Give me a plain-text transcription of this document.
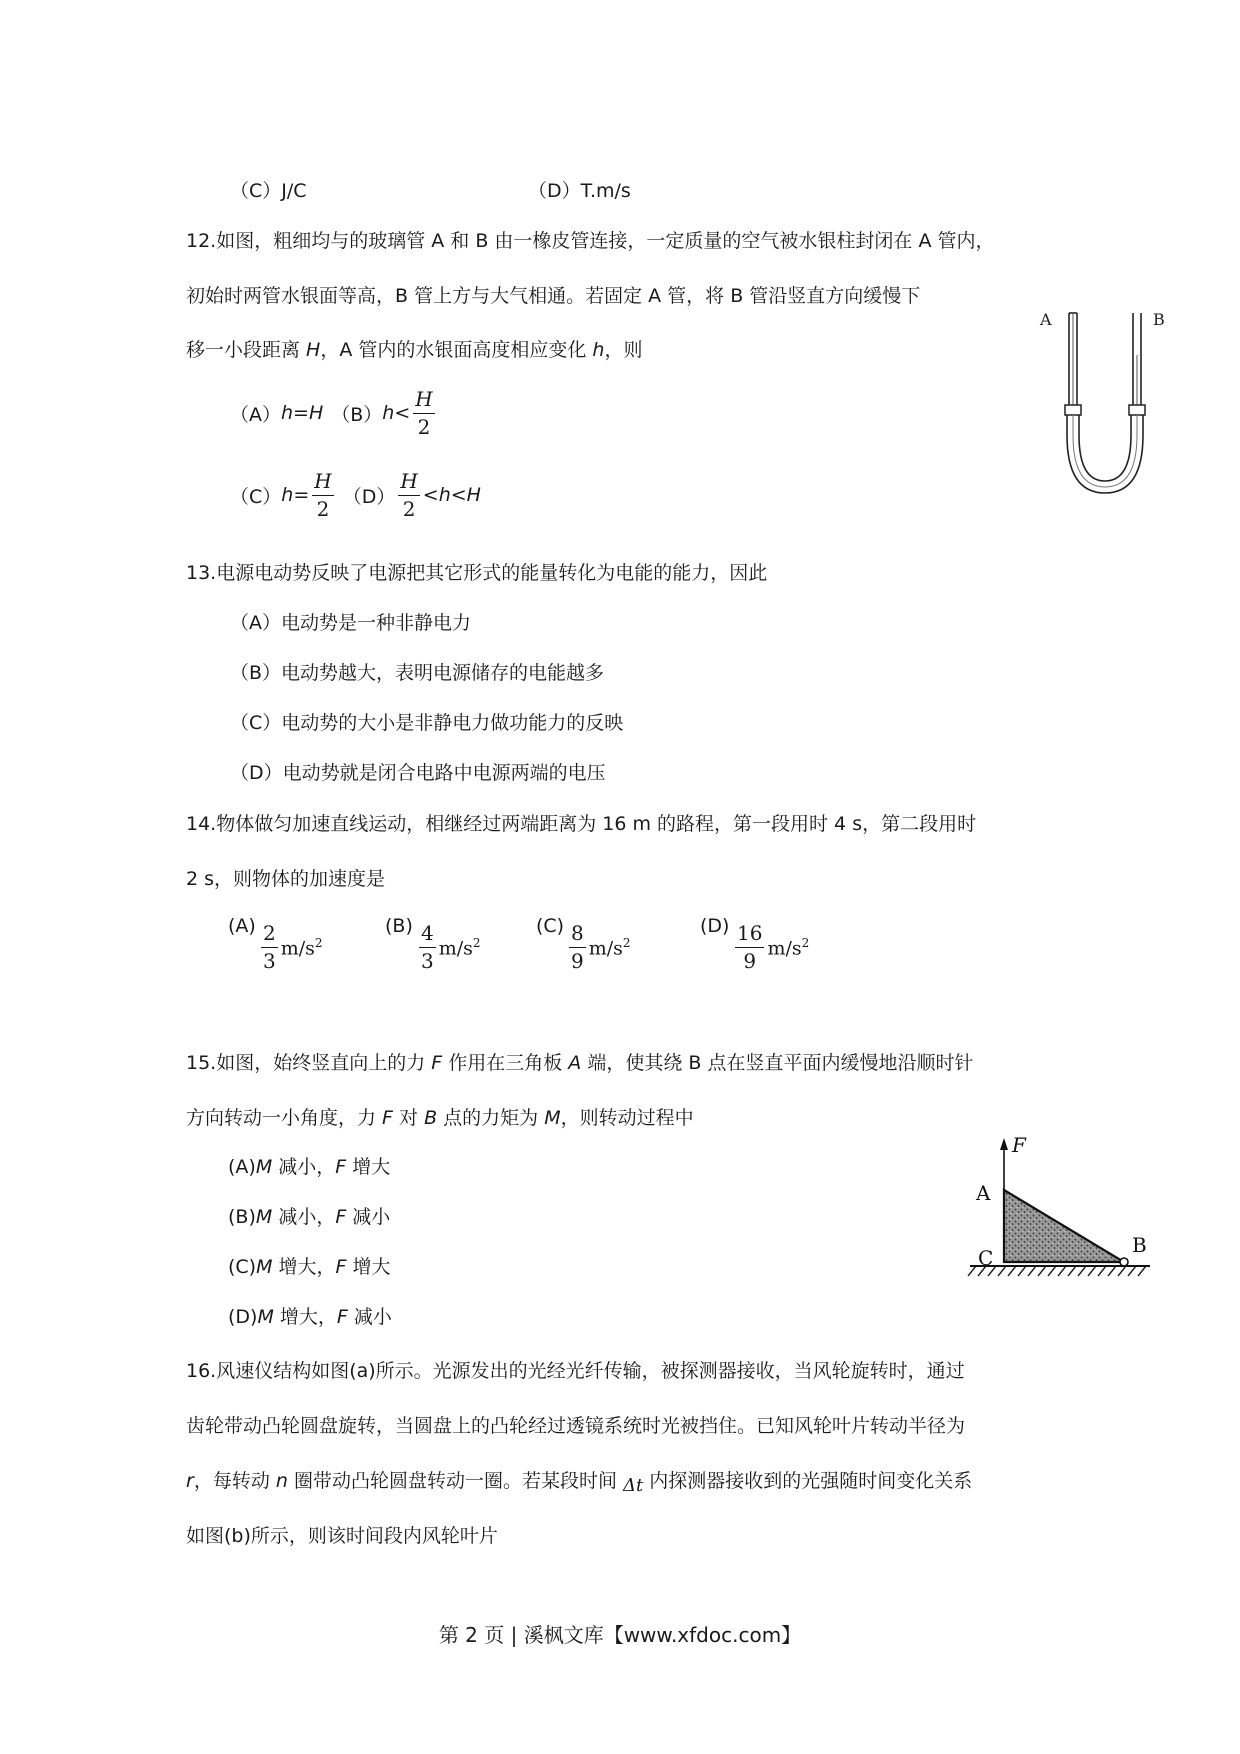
（C）J/C	（D）T.m/s
12.如图，粗细均与的玻璃管 A 和 B 由一橡皮管连接，一定质量的空气被水银柱封闭在 A 管内，
初始时两管水银面等高，B 管上方与大气相通。若固定 A 管，将 B 管沿竖直方向缓慢下
移一小段距离 H，A 管内的水银面高度相应变化 h，则
（A） h=H （B） $h< \frac{H}{2}$
（C） $h= \frac{H}{2} (D) \frac{H}{2} <h<H$
A	B
13.电源电动势反映了电源把其它形式的能量转化为电能的能力，因此
（A）电动势是一种非静电力
（B）电动势越大，表明电源储存的电能越多
（C）电动势的大小是非静电力做功能力的反映
（D）电动势就是闭合电路中电源两端的电压
14.物体做匀加速直线运动，相继经过两端距离为 16 m 的路程，第一段用时 4 s，第二段用时
2 s，则物体的加速度是
$(A) \frac{2}{3} m/s^2$
$(B) \frac{4}{3} m/s^2$
$(C) \frac{8}{9} m/s^2$
$(D) \frac{16}{9} m/s^2$
15.如图，始终竖直向上的力 F 作用在三角板 A 端，使其绕 B 点在竖直平面内缓慢地沿顺时针
方向转动一小角度，力 F 对 B 点的力矩为 M，则转动过程中
(A)M 减小，F 增大
(B)M 减小，F 减小
(C)M 增大，F 增大
(D)M 增大，F 减小
F
A
C
B
16.风速仪结构如图(a)所示。光源发出的光经光纤传输，被探测器接收，当风轮旋转时，通过
齿轮带动凸轮圆盘旋转，当圆盘上的凸轮经过透镜系统时光被挡住。已知风轮叶片转动半径为
r，每转动 n 圈带动凸轮圆盘转动一圈。若某段时间 Δt 内探测器接收到的光强随时间变化关系
如图(b)所示，则该时间段内风轮叶片
第 2 页 | 溪枫文库【www.xfdoc.com】
